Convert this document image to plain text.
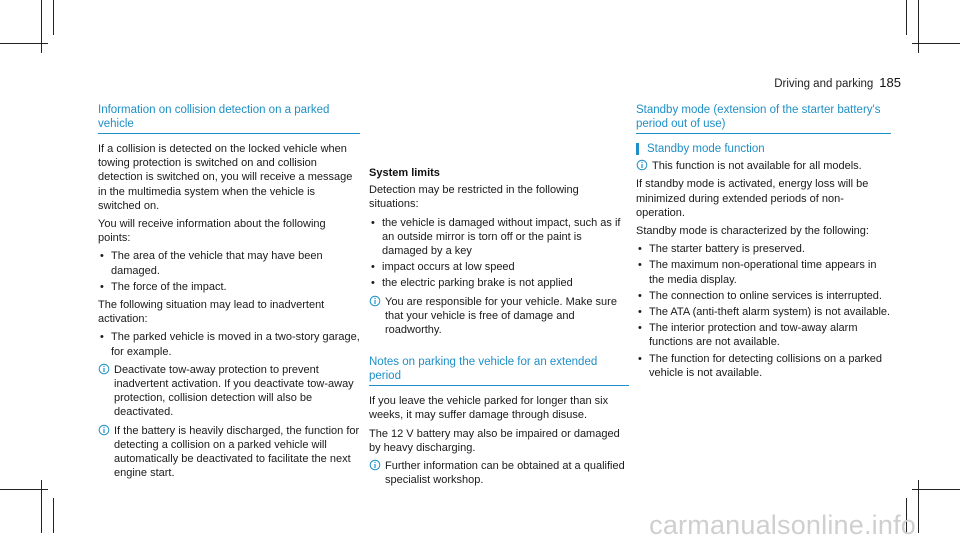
Driving and parking 185
Information on collision detection on a parked vehicle

If a collision is detected on the locked vehicle when towing protection is switched on and collision detection is switched on, you will receive a message in the multimedia system when the vehicle is switched on.

You will receive information about the following points:

• The area of the vehicle that may have been damaged.
• The force of the impact.

The following situation may lead to inadvertent activation:

• The parked vehicle is moved in a two-story garage, for example.
Deactivate tow-away protection to prevent inadvertent activation. If you deactivate tow-away protection, collision detection will also be deactivated.
If the battery is heavily discharged, the function for detecting a collision on a parked vehicle will automatically be deactivated to facilitate the next engine start.
System limits

Detection may be restricted in the following situations:

• the vehicle is damaged without impact, such as if an outside mirror is torn off or the paint is damaged by a key
• impact occurs at low speed
• the electric parking brake is not applied
You are responsible for your vehicle. Make sure that your vehicle is free of damage and roadworthy.
Notes on parking the vehicle for an extended period

If you leave the vehicle parked for longer than six weeks, it may suffer damage through disuse.

The 12 V battery may also be impaired or damaged by heavy discharging.

Further information can be obtained at a qualified specialist workshop.
Standby mode (extension of the starter battery's period out of use)
Standby mode function
This function is not available for all models.

If standby mode is activated, energy loss will be minimized during extended periods of non-operation.

Standby mode is characterized by the following:

• The starter battery is preserved.
• The maximum non-operational time appears in the media display.
• The connection to online services is interrupted.
• The ATA (anti-theft alarm system) is not available.
• The interior protection and tow-away alarm functions are not available.
• The function for detecting collisions on a parked vehicle is not available.
carmanualsonline.info
